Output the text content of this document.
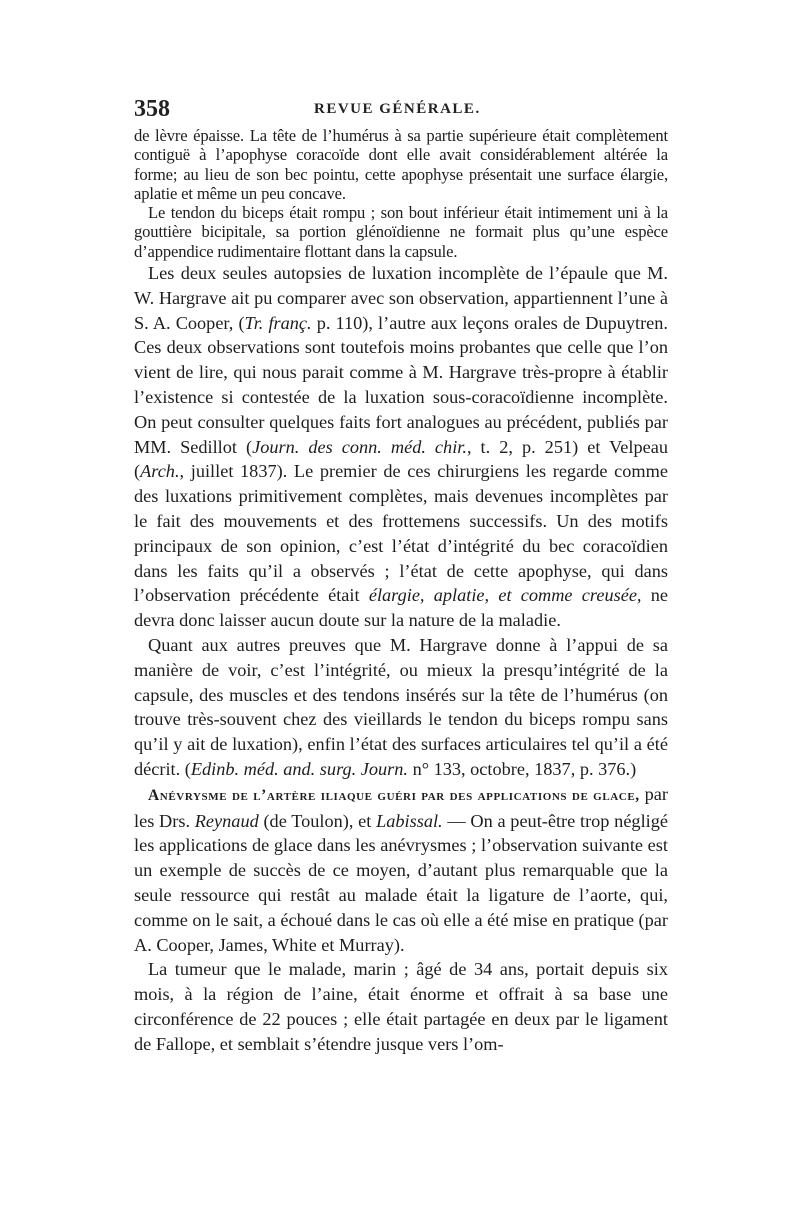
358	REVUE GÉNÉRALE.

de lèvre épaisse. La tête de l’humérus à sa partie supérieure était complètement contiguë à l’apophyse coracoïde dont elle avait considérablement altérée la forme; au lieu de son bec pointu, cette apophyse présentait une surface élargie, aplatie et même un peu concave.

Le tendon du biceps était rompu ; son bout inférieur était intimement uni à la gouttière bicipitale, sa portion glénoïdienne ne formait plus qu’une espèce d’appendice rudimentaire flottant dans la capsule.

Les deux seules autopsies de luxation incomplète de l’épaule que M. W. Hargrave ait pu comparer avec son observation, appartiennent l’une à S. A. Cooper, (Tr. franç. p. 110), l’autre aux leçons orales de Dupuytren. Ces deux observations sont toutefois moins probantes que celle que l’on vient de lire, qui nous parait comme à M. Hargrave très-propre à établir l’existence si contestée de la luxation sous-coracoïdienne incomplète. On peut consulter quelques faits fort analogues au précédent, publiés par MM. Sedillot (Journ. des conn. méd. chir., t. 2, p. 251) et Velpeau (Arch., juillet 1837). Le premier de ces chirurgiens les regarde comme des luxations primitivement complètes, mais devenues incomplètes par le fait des mouvements et des frottemens successifs. Un des motifs principaux de son opinion, c’est l’état d’intégrité du bec coracoïdien dans les faits qu’il a observés ; l’état de cette apophyse, qui dans l’observation précédente était élargie, aplatie, et comme creusée, ne devra donc laisser aucun doute sur la nature de la maladie.

Quant aux autres preuves que M. Hargrave donne à l’appui de sa manière de voir, c’est l’intégrité, ou mieux la presqu’intégrité de la capsule, des muscles et des tendons insérés sur la tête de l’humérus (on trouve très-souvent chez des vieillards le tendon du biceps rompu sans qu’il y ait de luxation), enfin l’état des surfaces articulaires tel qu’il a été décrit. (Edinb. méd. and. surg. Journ. n° 133, octobre, 1837, p. 376.)

Anévrysme de l’artère iliaque guéri par des applications de glace, par les Drs. Reynaud (de Toulon), et Labissal. — On a peut-être trop négligé les applications de glace dans les anévrysmes ; l’observation suivante est un exemple de succès de ce moyen, d’autant plus remarquable que la seule ressource qui restât au malade était la ligature de l’aorte, qui, comme on le sait, a échoué dans le cas où elle a été mise en pratique (par A. Cooper, James, White et Murray).

La tumeur que le malade, marin ; âgé de 34 ans, portait depuis six mois, à la région de l’aine, était énorme et offrait à sa base une circonférence de 22 pouces ; elle était partagée en deux par le ligament de Fallope, et semblait s’étendre jusque vers l’om-
